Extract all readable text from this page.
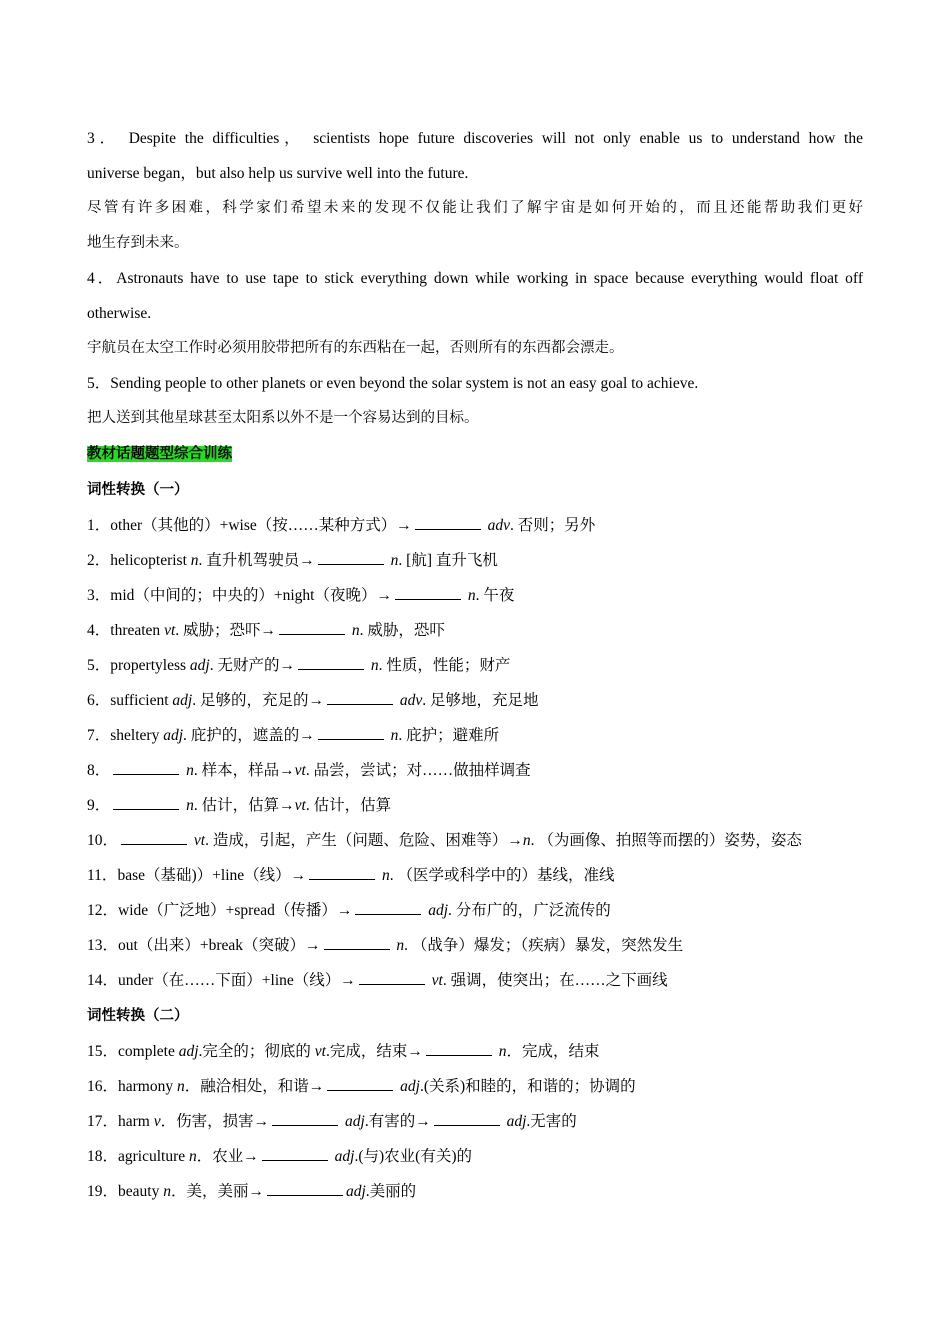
3． Despite the difficulties， scientists hope future discoveries will not only enable us to understand how the

universe began，but also help us survive well into the future.

尽管有许多困难，科学家们希望未来的发现不仅能让我们了解宇宙是如何开始的，而且还能帮助我们更好

地生存到未来。

4．Astronauts have to use tape to stick everything down while working in space because everything would float off

otherwise.

宇航员在太空工作时必须用胶带把所有的东西粘在一起，否则所有的东西都会漂走。

5．Sending people to other planets or even beyond the solar system is not an easy goal to achieve.

把人送到其他星球甚至太阳系以外不是一个容易达到的目标。

教材话题题型综合训练

词性转换（一）

1．other（其他的）+wise（按……某种方式）→	adv. 否则；另外

2．helicopterist n. 直升机驾驶员→	n. [航] 直升飞机

3．mid（中间的；中央的）+night（夜晚）→	n. 午夜

4．threaten vt. 威胁；恐吓→	n. 威胁，恐吓

5．propertyless adj. 无财产的→	n. 性质，性能；财产

6．sufficient adj. 足够的，充足的→	adv. 足够地，充足地

7．sheltery adj. 庇护的，遮盖的→	n. 庇护；避难所

8．	n. 样本，样品→vt. 品尝，尝试；对……做抽样调查

9．	n. 估计，估算→vt. 估计，估算

10．	vt. 造成，引起，产生（问题、危险、困难等）→n. （为画像、拍照等而摆的）姿势，姿态

11．base（基础)）+line（线）→	n. （医学或科学中的）基线，准线

12．wide（广泛地）+spread（传播）→	adj. 分布广的，广泛流传的

13．out（出来）+break（突破）→	n. （战争）爆发；（疾病）暴发，突然发生

14．under（在……下面）+line（线）→	vt. 强调，使突出；在……之下画线

词性转换（二）

15．complete adj.完全的；彻底的 vt.完成，结束→	n．完成，结束

16．harmony n．融洽相处，和谐→	adj.(关系)和睦的，和谐的；协调的

17．harm v．伤害，损害→	adj.有害的→	adj.无害的

18．agriculture n．农业→	adj.(与)农业(有关)的

19．beauty n．美，美丽→	adj.美丽的
